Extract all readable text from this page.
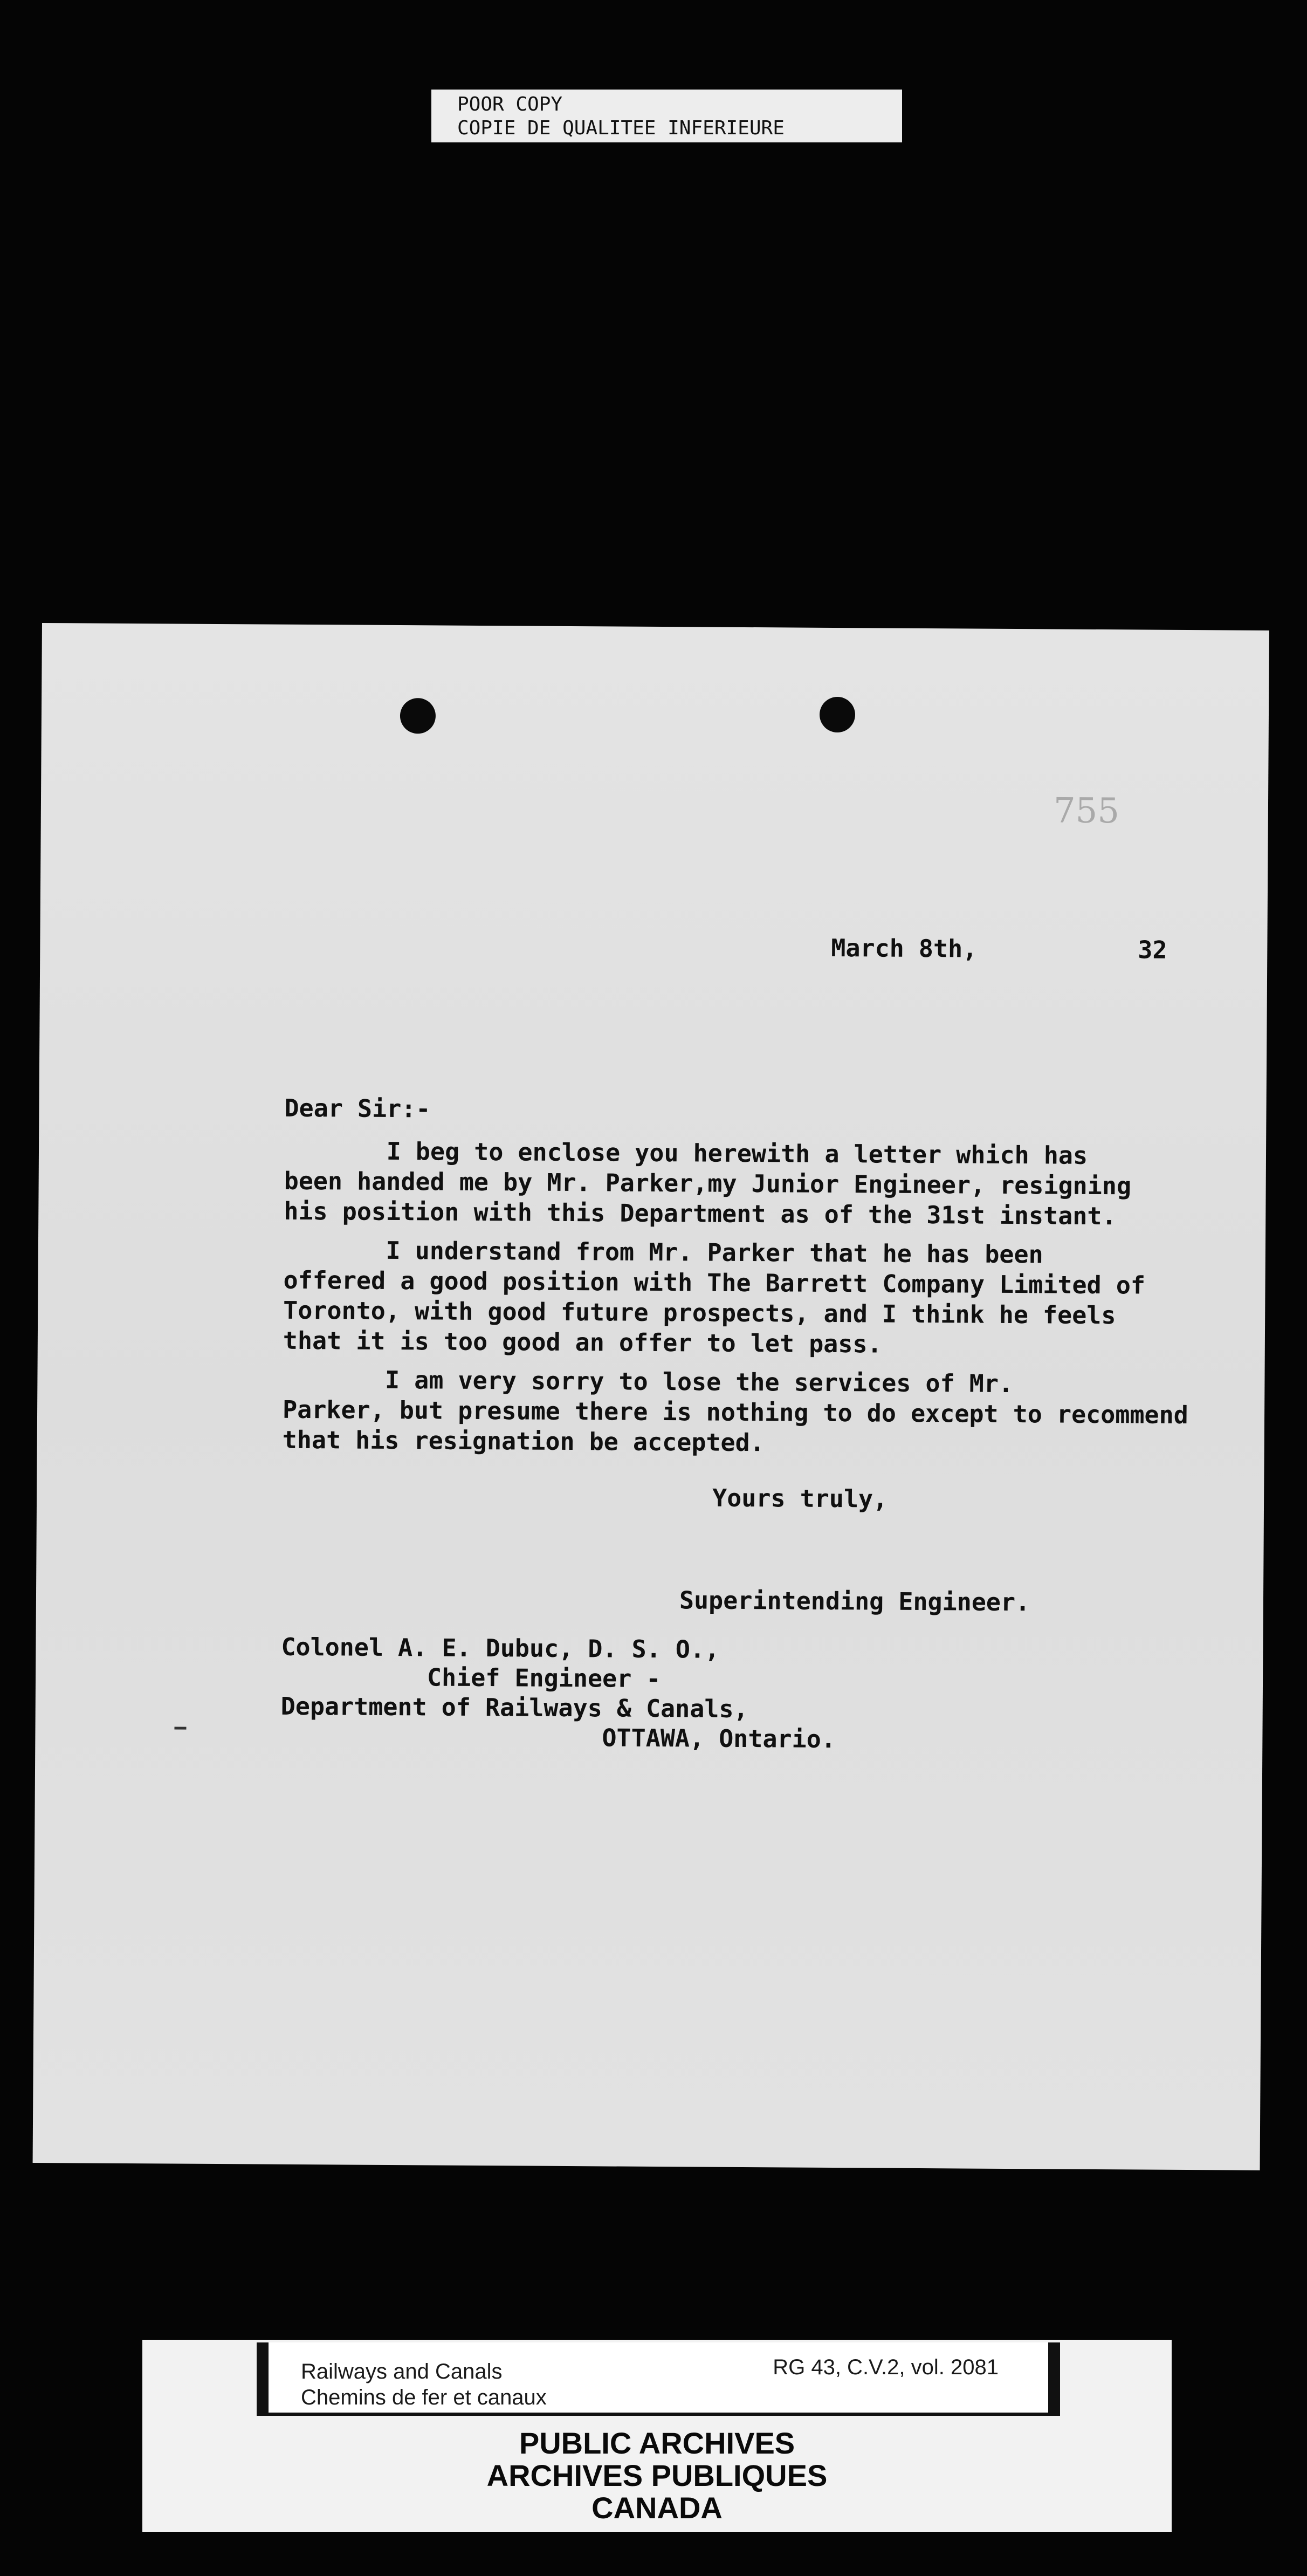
POOR COPY
COPIE DE QUALITEE INFERIEURE
755
March 8th,	32
Dear Sir:-
I beg to enclose you herewith a letter which has
been handed me by Mr. Parker,my Junior Engineer, resigning
his position with this Department as of the 31st instant.
I understand from Mr. Parker that he has been
offered a good position with The Barrett Company Limited of
Toronto, with good future prospects, and I think he feels
that it is too good an offer to let pass.
I am very sorry to lose the services of Mr.
Parker, but presume there is nothing to do except to recommend
that his resignation be accepted.
Yours truly,
Superintending Engineer.
Colonel A. E. Dubuc, D. S. O.,
Chief Engineer -
Department of Railways & Canals,
OTTAWA, Ontario.
Railways and Canals
Chemins de fer et canaux
RG 43, C.V.2, vol. 2081
PUBLIC ARCHIVES
ARCHIVES PUBLIQUES
CANADA
